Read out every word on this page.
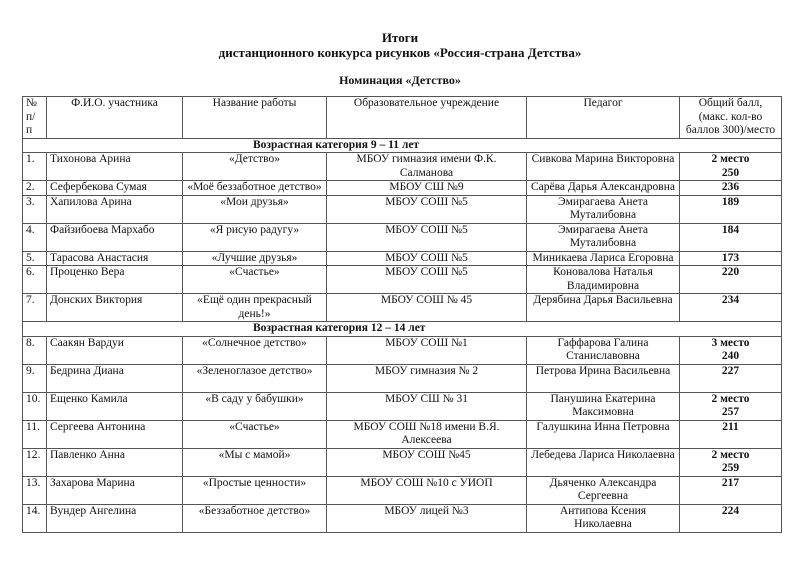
Итоги
дистанционного конкурса рисунков «Россия-страна Детства»
Номинация «Детство»
№ п/ п	Ф.И.О. участника	Название работы	Образовательное учреждение	Педагог	Общий балл, (макс. кол-во баллов 300)/место
Возрастная категория 9 – 11 лет					
1.	Тихонова Арина	«Детство»	МБОУ гимназия имени Ф.К. Салманова	Сивкова Марина Викторовна	2 место
250

2.	Сефербекова Сумая	«Моё беззаботное детство»	МБОУ СШ №9	Сарёва Дарья Александровна	236

3.	Хапилова Арина	«Мои друзья»	МБОУ СОШ №5	Эмирагаева Анета Муталибовна	189

4.	Файзибоева Мархабо	«Я рисую радугу»	МБОУ СОШ №5	Эмирагаева Анета Муталибовна	184

5.	Тарасова Анастасия	«Лучшие друзья»	МБОУ СОШ №5	Миникаева Лариса Егоровна	173

6.	Проценко Вера	«Счастье»	МБОУ СОШ №5	Коновалова Наталья Владимировна	220

7.	Донских Виктория	«Ещё один прекрасный день!»	МБОУ СОШ № 45	Дерябина Дарья Васильевна	234

Возрастная категория 12 – 14 лет					
8.	Саакян Вардуи	«Солнечное детство»	МБОУ СОШ №1	Гаффарова Галина Станиславовна	3 место
240

9.	Бедрина Диана	«Зеленоглазое детство»	МБОУ гимназия № 2	Петрова Ирина Васильевна	227

10.	Ещенко Камила	«В саду у бабушки»	МБОУ СШ № 31	Панушина Екатерина Максимовна	2 место
257

11.	Сергеева Антонина	«Счастье»	МБОУ СОШ №18 имени В.Я. Алексеева	Галушкина Инна Петровна	211

12.	Павленко Анна	«Мы с мамой»	МБОУ СОШ №45	Лебедева Лариса Николаевна	2 место
259

13.	Захарова Марина	«Простые ценности»	МБОУ СОШ №10 с УИОП	Дьяченко Александра Сергеевна	217

14.	Вундер Ангелина	«Беззаботное детство»	МБОУ лицей №3	Антипова Ксения Николаевна	224
